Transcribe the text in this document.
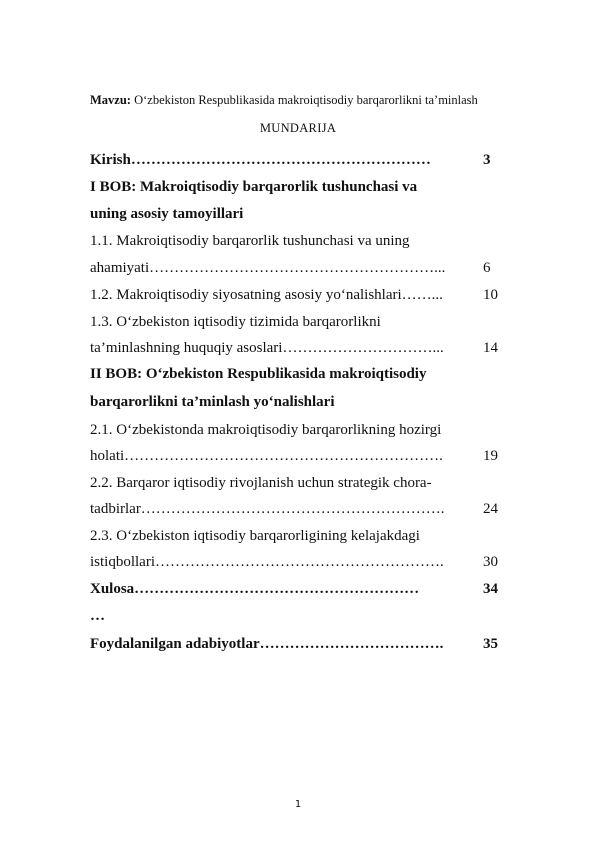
Mavzu: O‘zbekiston Respublikasida makroiqtisodiy barqarorlikni ta’minlash
MUNDARIJA
Kirish……………………………………………………	3
I BOB: Makroiqtisodiy barqarorlik tushunchasi va
uning asosiy tamoyillari
1.1. Makroiqtisodiy barqarorlik tushunchasi va uning
ahamiyati…………………………………………………...	6
1.2. Makroiqtisodiy siyosatning asosiy yo‘nalishlari……...	10
1.3. O‘zbekiston iqtisodiy tizimida barqarorlikni
ta’minlashning huquqiy asoslari…………………………...	14
II BOB: O‘zbekiston Respublikasida makroiqtisodiy
barqarorlikni ta’minlash yo‘nalishlari
2.1. O‘zbekistonda makroiqtisodiy barqarorlikning hozirgi
holati……………………………………………………….	19
2.2. Barqaror iqtisodiy rivojlanish uchun strategik chora-
tadbirlar…………………………………………………….	24
2.3. O‘zbekiston iqtisodiy barqarorligining kelajakdagi
istiqbollari………………………………………………….	30
Xulosa…………………………………………………	34
…
Foydalanilgan adabiyotlar……………………………….	35
1
